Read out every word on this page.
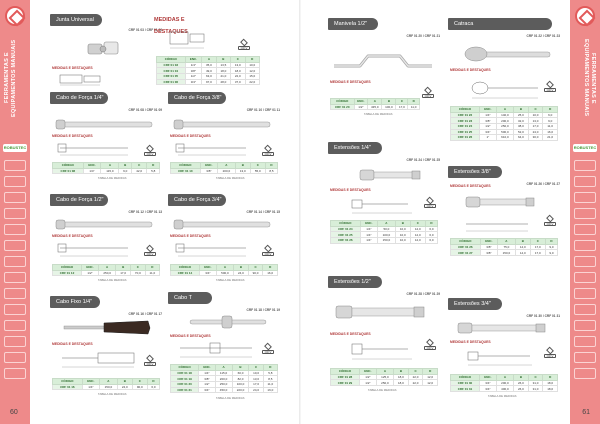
FERRAMENTAS E EQUIPAMENTOS MANUAIS
ROBUSTEC
FERRAMENTAS E EQUIPAMENTOS MANUAIS
ROBUSTEC
60	61
Junta Universal
CRF 01 03 / CRF 01 06
MEDIDAS E DESTAQUES
MEDIDAS E DESTAQUES
CR-V
CÓDIGO	ENC.	A	B	C	D
CRF 01 03	1/4"	35,0	13,5	13,0	10,0
CRF 01 04	3/8"	49,0	18,0	18,0	12,0
CRF 01 05	1/2"	63,0	21,0	22,0	15,0
CRF 01 06	3/4"	97,0	28,0	37,0	22,0
Cabo de Força 1/4"
CRF 01 08 / CRF 01 09
MEDIDAS E DESTAQUES
CR-V
CÓDIGO	ENC.	A	B	C	D
CRF 01 08	1/4"	115,0	9,0	42,0	5,8
TABELA DE MEDIDAS
Cabo de Força 3/8"
CRF 01 10 / CRF 01 11
MEDIDAS E DESTAQUES
CR-V
CÓDIGO	ENC.	A	B	C	D
CRF 01 10	3/8"	200,0	13,0	55,0	8,5
TABELA DE MEDIDAS
Cabo de Força 1/2"
CRF 01 12 / CRF 01 13
MEDIDAS E DESTAQUES
CR-V
CÓDIGO	ENC.	A	B	C	D
CRF 01 12	1/2"	250,0	17,0	70,0	11,0
TABELA DE MEDIDAS
Cabo de Força 3/4"
CRF 01 14 / CRF 01 15
MEDIDAS E DESTAQUES
CR-V
CÓDIGO	ENC.	A	B	C	D
CRF 01 14	3/4"	500,0	24,0	90,0	16,0
TABELA DE MEDIDAS
Cabo Fixo 1/4"
CRF 01 16 / CRF 01 17
MEDIDAS E DESTAQUES
CR-V
CÓDIGO	ENC.	A	B	C	D
CRF 01 16	1/4"	150,0	24,0	90,0	6,0
TABELA DE MEDIDAS
Cabo T
CRF 01 18 / CRF 01 19
MEDIDAS E DESTAQUES
CR-V
CÓDIGO	ENC.	A	B	C	D
CRF 01 18	1/4"	115,0	60,0	10,0	5,8
CRF 01 19	3/8"	200,0	82,0	13,0	8,5
CRF 01 20	1/2"	250,0	100,0	17,0	11,0
CRF 01 21	3/4"	450,0	220,0	24,0	16,0
TABELA DE MEDIDAS
Manivela 1/2"
CRF 01 20 / CRF 01 21
MEDIDAS E DESTAQUES
CR-V
CÓDIGO	ENC.	A	B	C	D
CRF 01 20	1/2"	435,0	100,0	17,0	11,0
TABELA DE MEDIDAS
Catraca
CRF 01 22 / CRF 01 23
MEDIDAS E DESTAQUES
CR-V
CÓDIGO	ENC.	A	B	C	D
CRF 01 22	1/4"	140,0	25,0	10,0	6,0
CRF 01 23	3/8"	200,0	32,0	13,0	9,0
CRF 01 24	1/2"	250,0	38,0	17,0	11,0
CRF 01 25	3/4"	500,0	52,0	24,0	16,0
CRF 01 26	1"	610,0	64,0	30,0	21,0
Extensões 1/4"
CRF 01 24 / CRF 01 25
MEDIDAS E DESTAQUES
CR-V
CÓDIGO	ENC.	A	B	C	D
CRF 01 24	1/4"	50,0	10,0	12,0	6,0
CRF 01 25	1/4"	100,0	10,0	12,0	6,0
CRF 01 26	1/4"	150,0	10,0	12,0	6,0
Extensões 3/8"
CRF 01 26 / CRF 01 27
MEDIDAS E DESTAQUES
CR-V
CÓDIGO	ENC.	A	B	C	D
CRF 01 26	3/8"	75,0	14,0	17,0	9,0
CRF 01 27	3/8"	150,0	14,0	17,0	9,0
Extensões 1/2"
CRF 01 28 / CRF 01 29
MEDIDAS E DESTAQUES
CR-V
CÓDIGO	ENC.	A	B	C	D
CRF 01 28	1/2"	125,0	18,0	22,0	12,0
CRF 01 29	1/2"	250,0	18,0	22,0	12,0
TABELA DE MEDIDAS
Extensões 3/4"
CRF 01 30 / CRF 01 31
MEDIDAS E DESTAQUES
CR-V
CÓDIGO	ENC.	A	B	C	D
CRF 01 30	3/4"	200,0	26,0	31,0	18,0
CRF 01 31	3/4"	400,0	26,0	31,0	18,0
TABELA DE MEDIDAS
